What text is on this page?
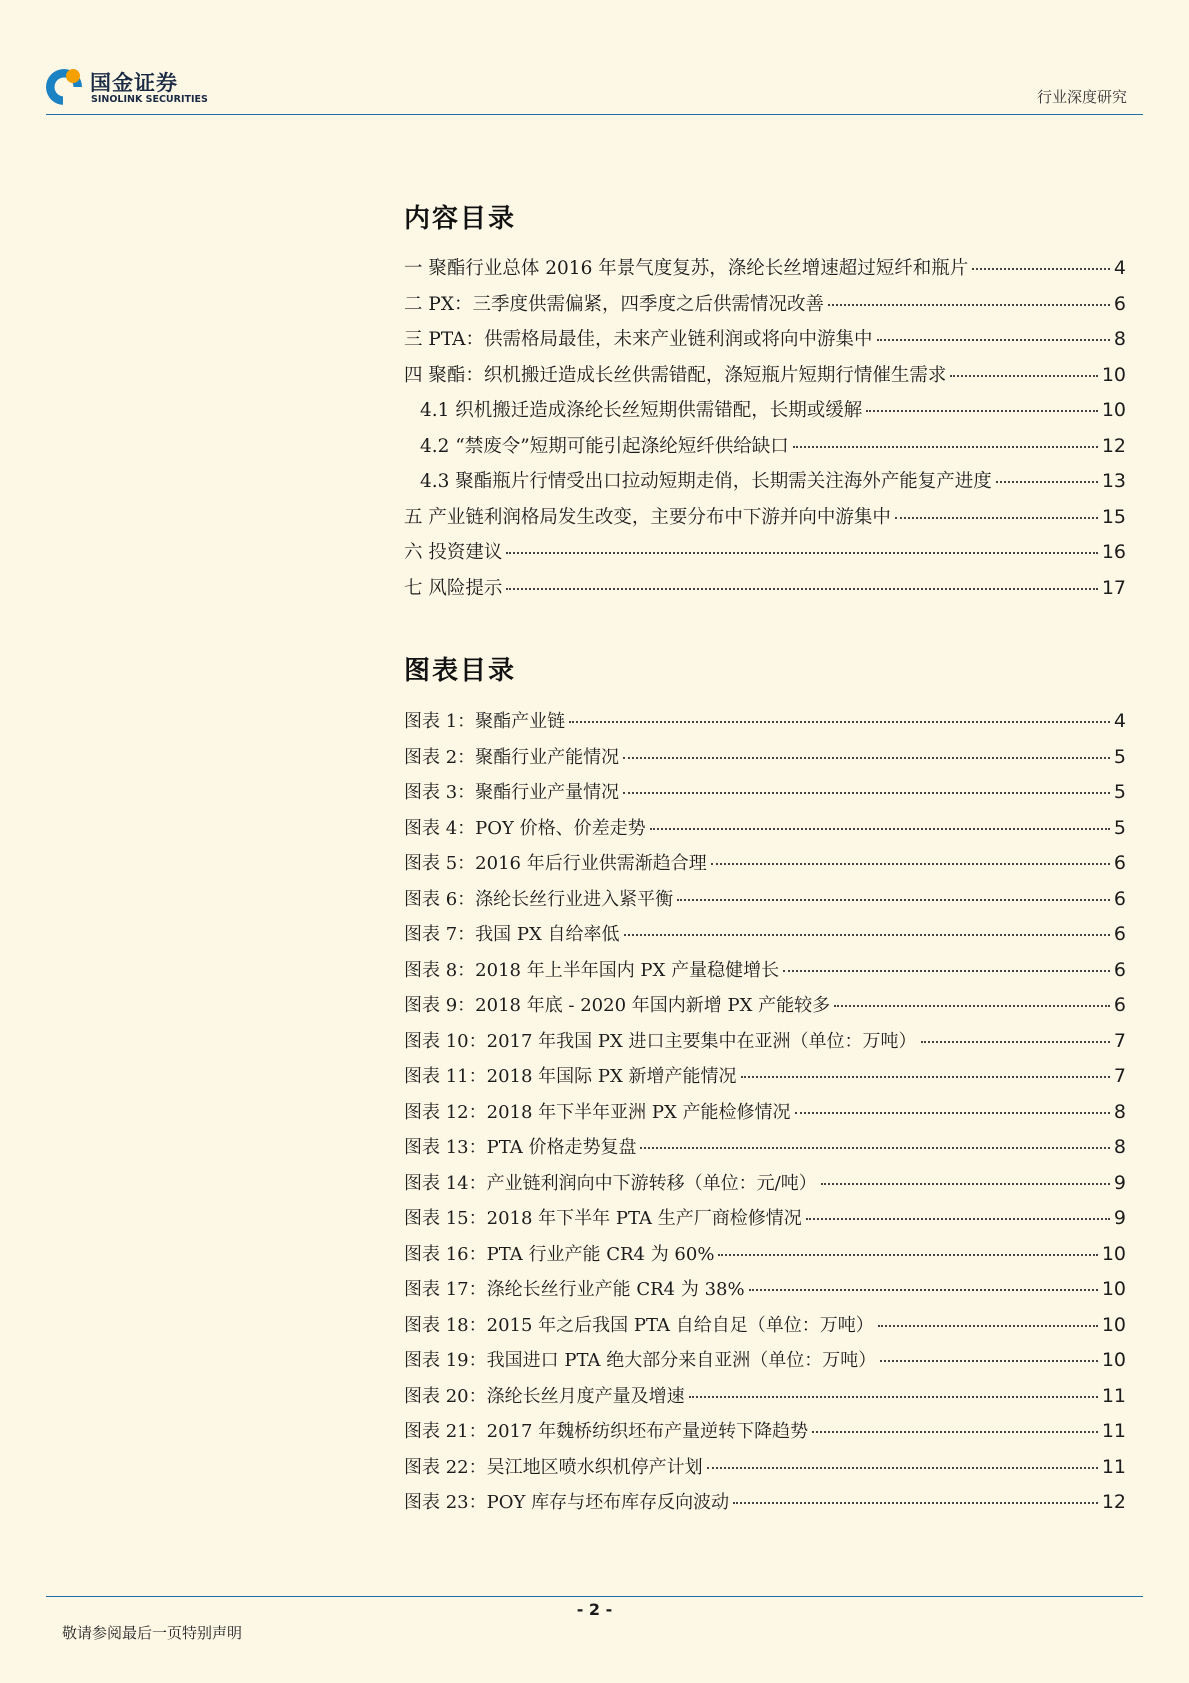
国金证券
SINOLINK SECURITIES	行业深度研究
内容目录
一 聚酯行业总体 2016 年景气度复苏，涤纶长丝增速超过短纤和瓶片	4
二 PX：三季度供需偏紧，四季度之后供需情况改善	6
三 PTA：供需格局最佳，未来产业链利润或将向中游集中	8
四 聚酯：织机搬迁造成长丝供需错配，涤短瓶片短期行情催生需求	10
4.1 织机搬迁造成涤纶长丝短期供需错配，长期或缓解	10
4.2 “禁废令”短期可能引起涤纶短纤供给缺口	12
4.3 聚酯瓶片行情受出口拉动短期走俏，长期需关注海外产能复产进度	13
五 产业链利润格局发生改变，主要分布中下游并向中游集中	15
六 投资建议	16
七 风险提示	17
图表目录
图表 1：聚酯产业链	4
图表 2：聚酯行业产能情况	5
图表 3：聚酯行业产量情况	5
图表 4：POY 价格、价差走势	5
图表 5：2016 年后行业供需渐趋合理	6
图表 6：涤纶长丝行业进入紧平衡	6
图表 7：我国 PX 自给率低	6
图表 8：2018 年上半年国内 PX 产量稳健增长	6
图表 9：2018 年底 - 2020 年国内新增 PX 产能较多	6
图表 10：2017 年我国 PX 进口主要集中在亚洲（单位：万吨）	7
图表 11：2018 年国际 PX 新增产能情况	7
图表 12：2018 年下半年亚洲 PX 产能检修情况	8
图表 13：PTA 价格走势复盘	8
图表 14：产业链利润向中下游转移（单位：元/吨）	9
图表 15：2018 年下半年 PTA 生产厂商检修情况	9
图表 16：PTA 行业产能 CR4 为 60%	10
图表 17：涤纶长丝行业产能 CR4 为 38%	10
图表 18：2015 年之后我国 PTA 自给自足（单位：万吨）	10
图表 19：我国进口 PTA 绝大部分来自亚洲（单位：万吨）	10
图表 20：涤纶长丝月度产量及增速	11
图表 21：2017 年魏桥纺织坯布产量逆转下降趋势	11
图表 22：吴江地区喷水织机停产计划	11
图表 23：POY 库存与坯布库存反向波动	12
- 2 -
敬请参阅最后一页特别声明
